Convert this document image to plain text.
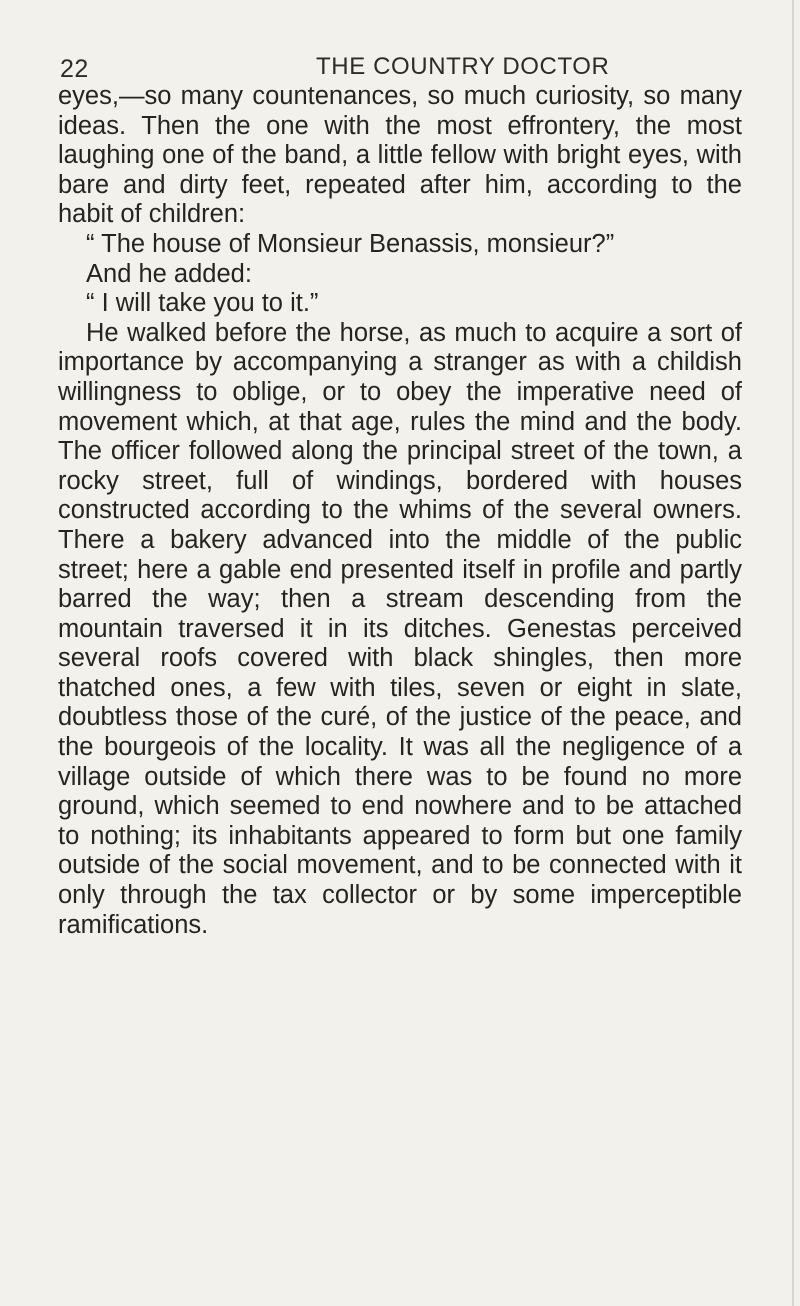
22	THE COUNTRY DOCTOR

eyes,—so many countenances, so much curiosity, so many ideas. Then the one with the most effrontery, the most laughing one of the band, a little fellow with bright eyes, with bare and dirty feet, repeated after him, according to the habit of children:

“ The house of Monsieur Benassis, monsieur?”

And he added:

“ I will take you to it.”

He walked before the horse, as much to acquire a sort of importance by accompanying a stranger as with a childish willingness to oblige, or to obey the imperative need of movement which, at that age, rules the mind and the body. The officer followed along the principal street of the town, a rocky street, full of windings, bordered with houses constructed according to the whims of the several owners. There a bakery advanced into the middle of the public street; here a gable end presented itself in profile and partly barred the way; then a stream descending from the mountain traversed it in its ditches. Genestas perceived several roofs covered with black shingles, then more thatched ones, a few with tiles, seven or eight in slate, doubtless those of the curé, of the justice of the peace, and the bourgeois of the locality. It was all the negligence of a village outside of which there was to be found no more ground, which seemed to end nowhere and to be attached to nothing; its inhabitants appeared to form but one family outside of the social movement, and to be connected with it only through the tax collector or by some imperceptible ramifications.
